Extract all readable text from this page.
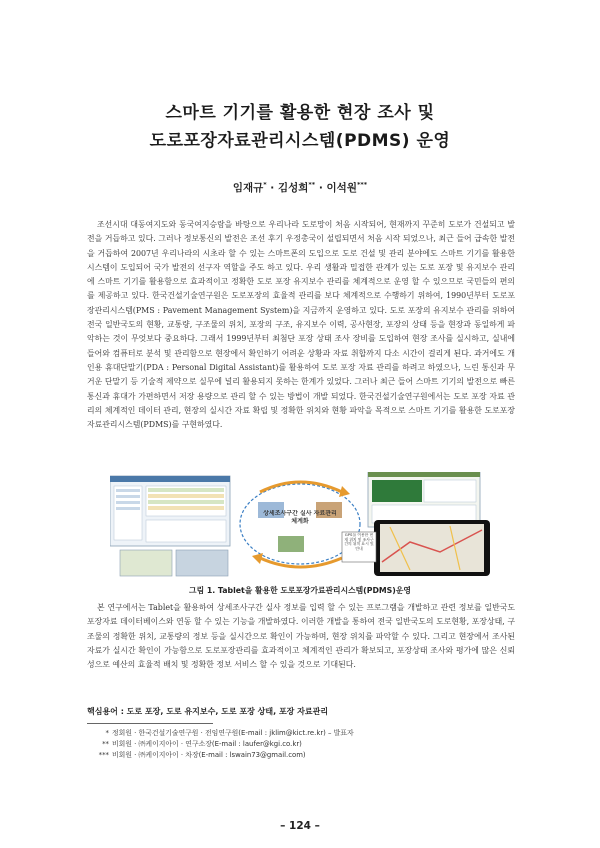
스마트 기기를 활용한 현장 조사 및
도로포장자료관리시스템(PDMS) 운영
임재규* · 김성희** · 이석원***

조선시대 대동여지도와 동국여지승람을 바탕으로 우리나라 도로망이 처음 시작되어, 현재까지 꾸준히 도로가 건설되고 발전을 거듭하고 있다. 그러나 정보통신의 발전은 조선 후기 우정총국이 설립되면서 처음 시작 되었으나, 최근 들어 급속한 발전을 거듭하여 2007년 우리나라의 시초라 할 수 있는 스마트폰의 도입으로 도로 건설 및 관리 분야에도 스마트 기기를 활용한 시스템이 도입되어 국가 발전의 선구자 역할을 주도 하고 있다. 우리 생활과 밀접한 관계가 있는 도로 포장 및 유지보수 관리에 스마트 기기를 활용함으로 효과적이고 정확한 도로 포장 유지보수 관리를 체계적으로 운영 할 수 있으므로 국민들의 편의를 제공하고 있다. 한국건설기술연구원은 도로포장의 효율적 관리를 보다 체계적으로 수행하기 위하여, 1990년부터 도로포장관리시스템(PMS : Pavement Management System)을 지금까지 운영하고 있다. 도로 포장의 유지보수 관리를 위하여 전국 일반국도의 현황, 교통량, 구조물의 위치, 포장의 구조, 유지보수 이력, 공사현장, 포장의 상태 등을 현장과 동일하게 파악하는 것이 무엇보다 중요하다. 그래서 1999년부터 최첨단 포장 상태 조사 장비를 도입하여 현장 조사를 실시하고, 실내에 들어와 컴퓨터로 분석 및 관리함으로 현장에서 확인하기 어려운 상황과 자료 취합까지 다소 시간이 걸리게 된다. 과거에도 개인용 휴대단말기(PDA : Personal Digital Assistant)를 활용하여 도로 포장 자료 관리를 하려고 하였으나, 느린 통신과 무거운 단말기 등 기술적 제약으로 실무에 널리 활용되지 못하는 한계가 있었다. 그러나 최근 들어 스마트 기기의 발전으로 빠른 통신과 휴대가 가편하면서 저장 용량으로 관리 할 수 있는 방법이 개발 되었다. 한국건설기술연구원에서는 도로 포장 자료 관리의 체계적인 데이터 관리, 현장의 실시간 자료 확립 및 정확한 위치와 현황 파악을 목적으로 스마트 기기를 활용한 도로포장자료관리시스템(PDMS)를 구현하였다.

상세조사구간 실사 자료관리 체계화
GPS를 이용한 현재 위치 및 조사구간의 위치 표시 및 안내
그림 1. Tablet을 활용한 도로포장가료관리시스템(PDMS)운영

본 연구에서는 Tablet을 활용하여 상세조사구간 실사 정보를 입력 할 수 있는 프로그램을 개발하고 관련 정보를 일반국도 포장자료 데이터베이스와 연동 할 수 있는 기능을 개발하였다. 이러한 개발을 통하여 전국 일반국도의 도로현황, 포장상태, 구조물의 정확한 위치, 교통량의 정보 등을 실시간으로 확인이 가능하며, 현장 위치를 파악할 수 있다. 그리고 현장에서 조사된 자료가 실시간 확인이 가능함으로 도로포장관리를 효과적이고 체계적인 관리가 확보되고, 포장상태 조사와 평가에 많은 신뢰성으로 예산의 효율적 배치 및 정확한 정보 서비스 할 수 있을 것으로 기대된다.

핵심용어 : 도로 포장, 도로 유지보수, 도로 포장 상태, 포장 자료관리
* 정회원 · 한국건설기술연구원 · 전임연구원(E-mail : jklim@kict.re.kr) – 발표자
** 비회원 · ㈜케이지아이 · 연구소장(E-mail : laufer@kgi.co.kr)
*** 비회원 · ㈜케이지아이 · 차장(E-mail : lswain73@gmail.com)
– 124 –
